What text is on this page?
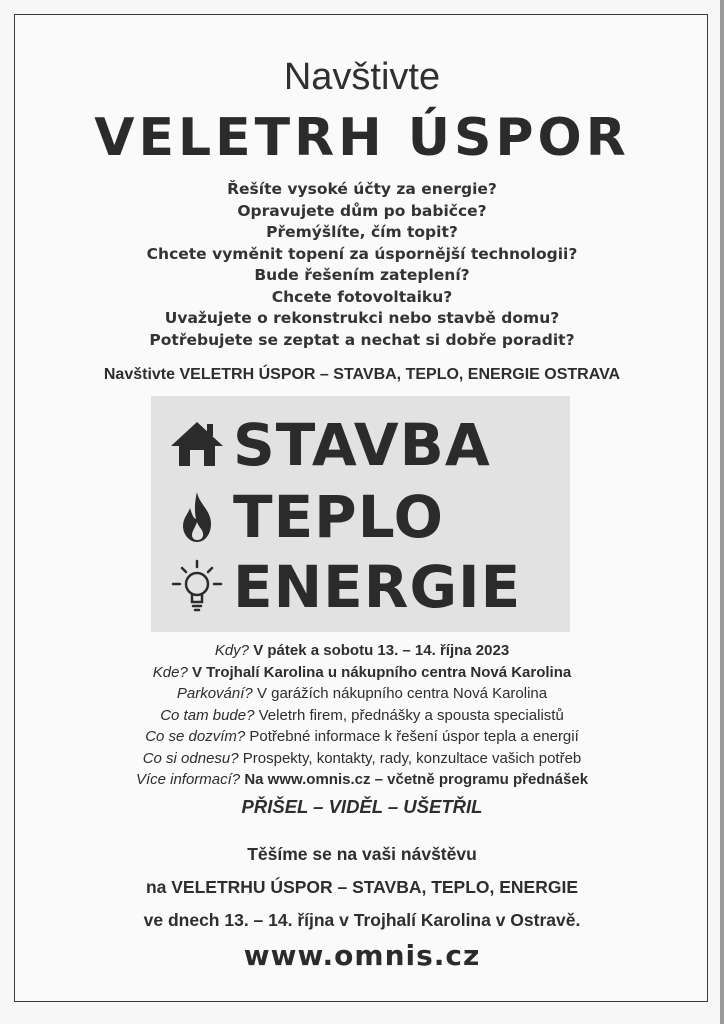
Navštivte
VELETRH ÚSPOR
Řešíte vysoké účty za energie?
Opravujete dům po babičce?
Přemýšlíte, čím topit?
Chcete vyměnit topení za úspornější technologii?
Bude řešením zateplení?
Chcete fotovoltaiku?
Uvažujete o rekonstrukci nebo stavbě domu?
Potřebujete se zeptat a nechat si dobře poradit?
Navštivte VELETRH ÚSPOR – STAVBA, TEPLO, ENERGIE OSTRAVA
STAVBA
TEPLO
ENERGIE
Kdy? V pátek a sobotu 13. – 14. října 2023
Kde? V Trojhalí Karolina u nákupního centra Nová Karolina
Parkování? V garážích nákupního centra Nová Karolina
Co tam bude? Veletrh firem, přednášky a spousta specialistů
Co se dozvím? Potřebné informace k řešení úspor tepla a energií
Co si odnesu? Prospekty, kontakty, rady, konzultace vašich potřeb
Více informací? Na www.omnis.cz – včetně programu přednášek
PŘIŠEL – VIDĚL – UŠETŘIL
Těšíme se na vaši návštěvu
na VELETRHU ÚSPOR – STAVBA, TEPLO, ENERGIE
ve dnech 13. – 14. října v Trojhalí Karolina v Ostravě.
www.omnis.cz
